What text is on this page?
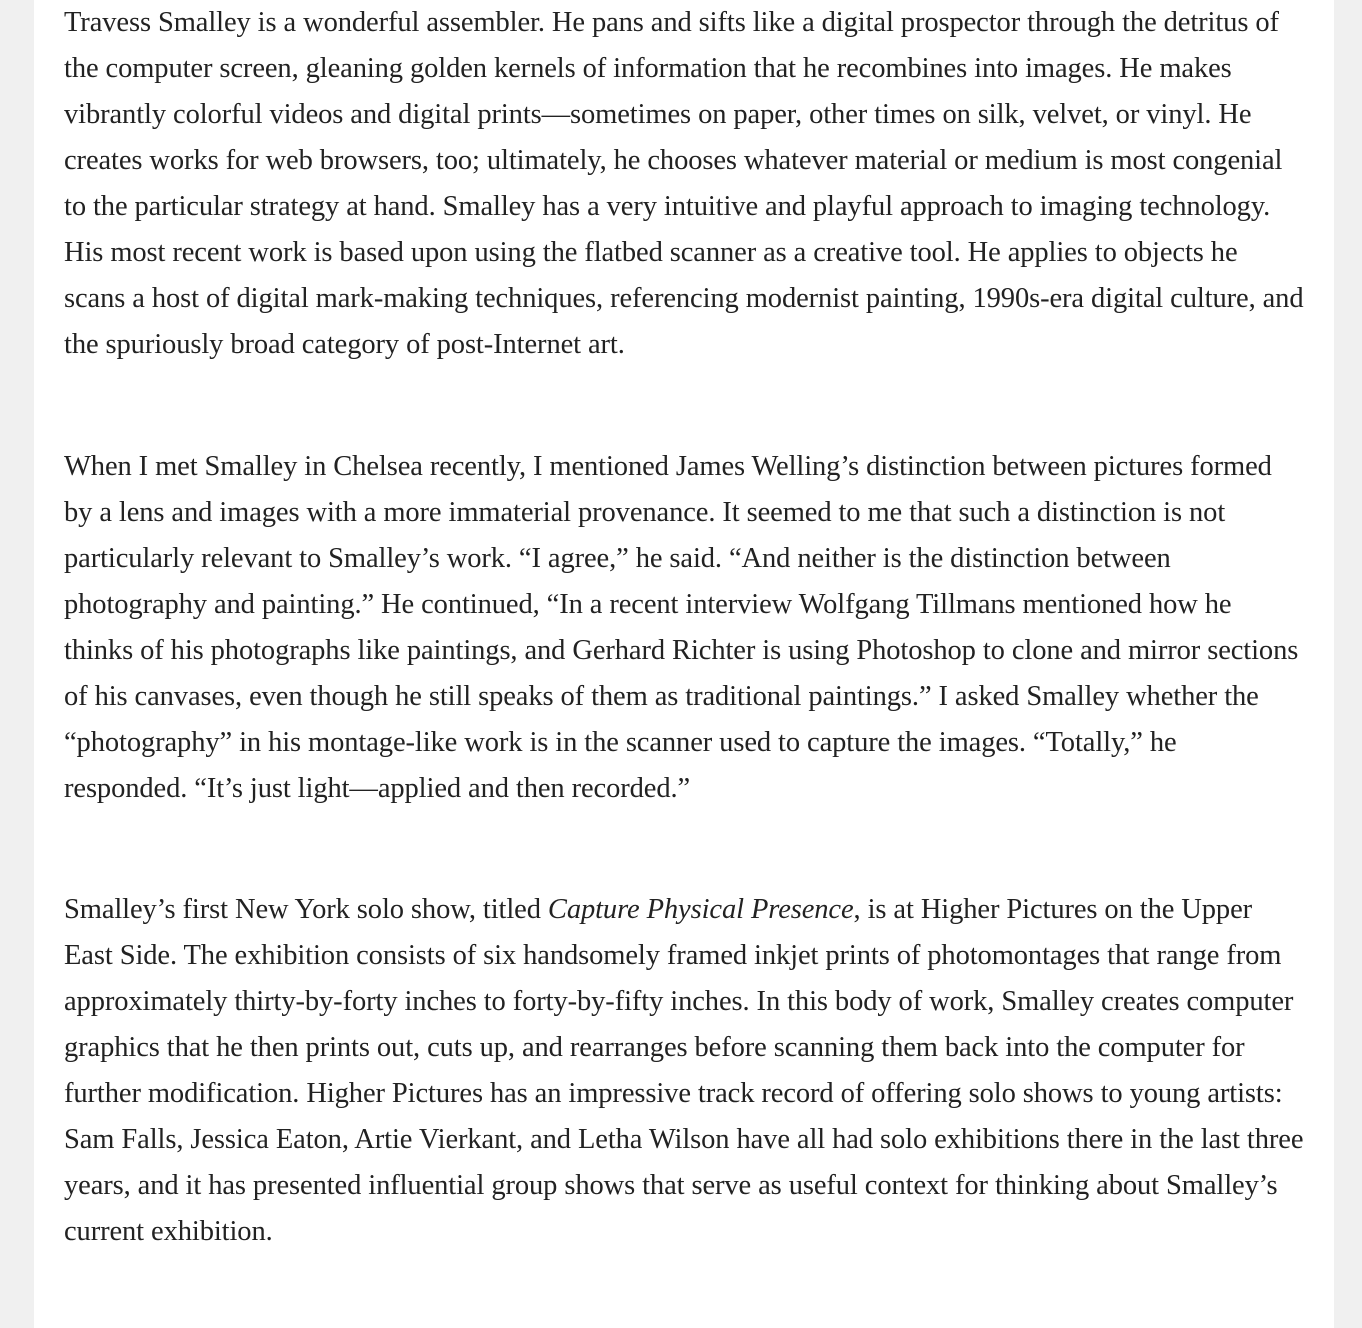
Travess Smalley is a wonderful assembler. He pans and sifts like a digital prospector through the detritus of the computer screen, gleaning golden kernels of information that he recombines into images. He makes vibrantly colorful videos and digital prints—sometimes on paper, other times on silk, velvet, or vinyl. He creates works for web browsers, too; ultimately, he chooses whatever material or medium is most congenial to the particular strategy at hand. Smalley has a very intuitive and playful approach to imaging technology. His most recent work is based upon using the flatbed scanner as a creative tool. He applies to objects he scans a host of digital mark-making techniques, referencing modernist painting, 1990s-era digital culture, and the spuriously broad category of post-Internet art.

When I met Smalley in Chelsea recently, I mentioned James Welling’s distinction between pictures formed by a lens and images with a more immaterial provenance. It seemed to me that such a distinction is not particularly relevant to Smalley’s work. “I agree,” he said. “And neither is the distinction between photography and painting.” He continued, “In a recent interview Wolfgang Tillmans mentioned how he thinks of his photographs like paintings, and Gerhard Richter is using Photoshop to clone and mirror sections of his canvases, even though he still speaks of them as traditional paintings.” I asked Smalley whether the “photography” in his montage-like work is in the scanner used to capture the images. “Totally,” he responded. “It’s just light—applied and then recorded.”

Smalley’s first New York solo show, titled Capture Physical Presence, is at Higher Pictures on the Upper East Side. The exhibition consists of six handsomely framed inkjet prints of photomontages that range from approximately thirty-by-forty inches to forty-by-fifty inches. In this body of work, Smalley creates computer graphics that he then prints out, cuts up, and rearranges before scanning them back into the computer for further modification. Higher Pictures has an impressive track record of offering solo shows to young artists: Sam Falls, Jessica Eaton, Artie Vierkant, and Letha Wilson have all had solo exhibitions there in the last three years, and it has presented influential group shows that serve as useful context for thinking about Smalley’s current exhibition.
